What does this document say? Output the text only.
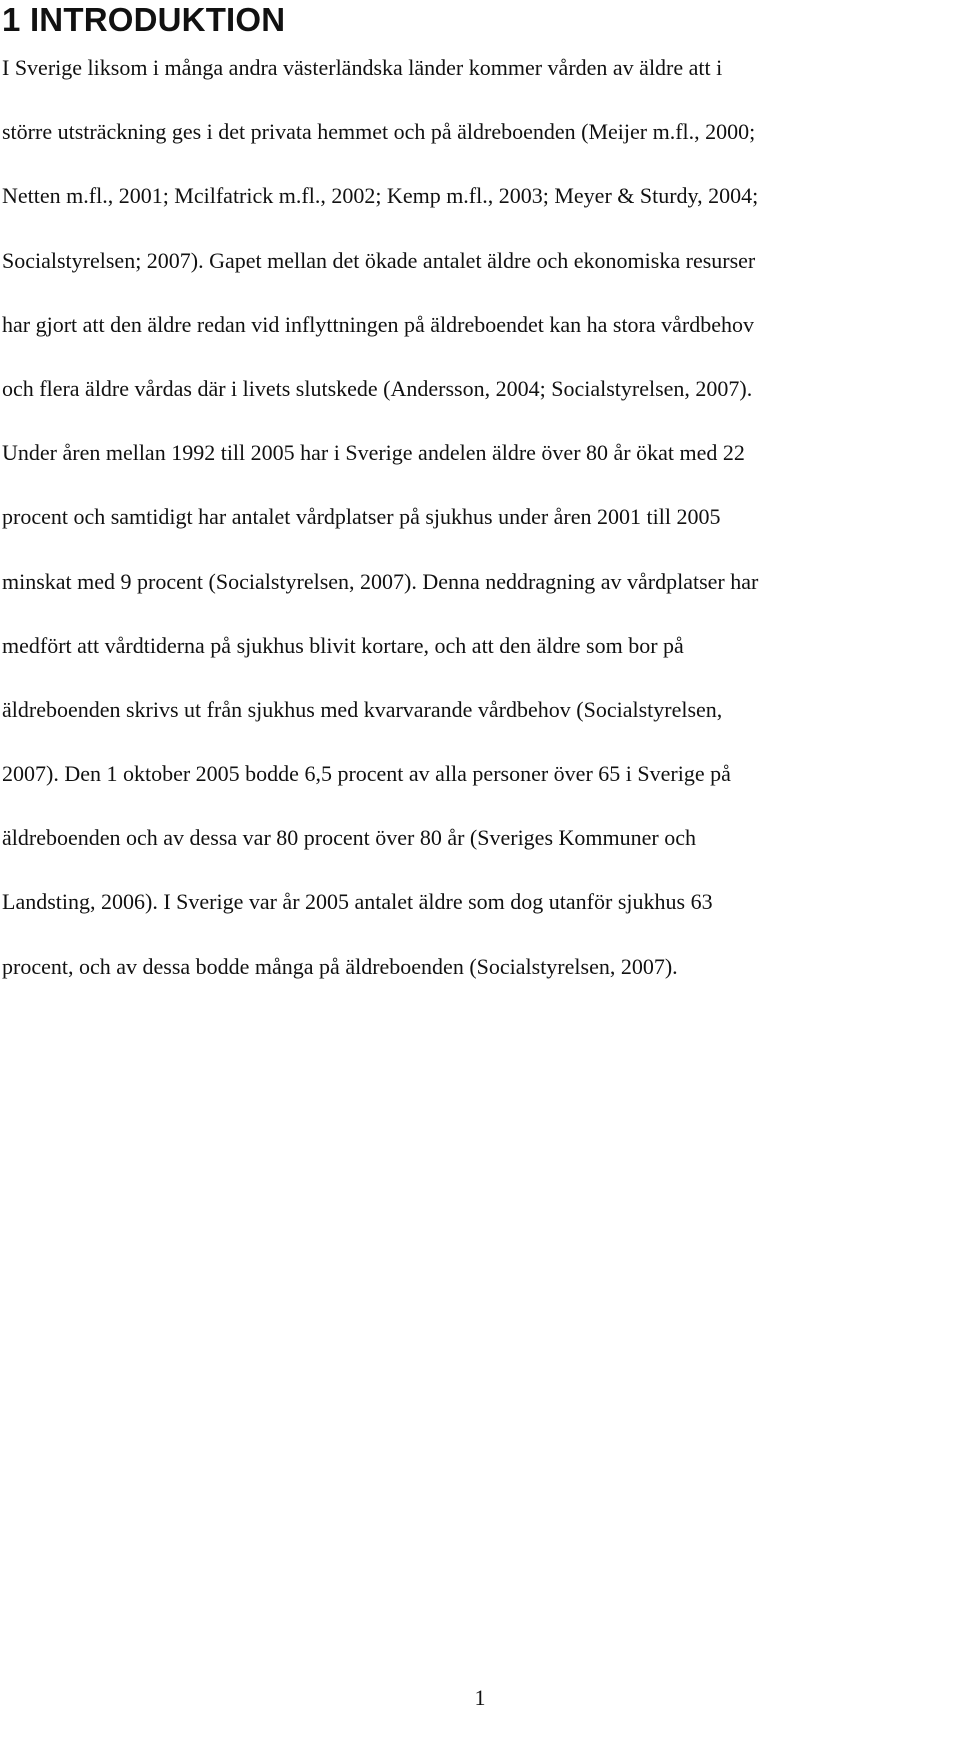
1 INTRODUKTION
I Sverige liksom i många andra västerländska länder kommer vården av äldre att i
större utsträckning ges i det privata hemmet och på äldreboenden (Meijer m.fl., 2000;
Netten m.fl., 2001; Mcilfatrick m.fl., 2002; Kemp m.fl., 2003; Meyer & Sturdy, 2004;
Socialstyrelsen; 2007). Gapet mellan det ökade antalet äldre och ekonomiska resurser
har gjort att den äldre redan vid inflyttningen på äldreboendet kan ha stora vårdbehov
och flera äldre vårdas där i livets slutskede (Andersson, 2004; Socialstyrelsen, 2007).
Under åren mellan 1992 till 2005 har i Sverige andelen äldre över 80 år ökat med 22
procent och samtidigt har antalet vårdplatser på sjukhus under åren 2001 till 2005
minskat med 9 procent (Socialstyrelsen, 2007). Denna neddragning av vårdplatser har
medfört att vårdtiderna på sjukhus blivit kortare, och att den äldre som bor på
äldreboenden skrivs ut från sjukhus med kvarvarande vårdbehov (Socialstyrelsen,
2007). Den 1 oktober 2005 bodde 6,5 procent av alla personer över 65 i Sverige på
äldreboenden och av dessa var 80 procent över 80 år (Sveriges Kommuner och
Landsting, 2006). I Sverige var år 2005 antalet äldre som dog utanför sjukhus 63
procent, och av dessa bodde många på äldreboenden (Socialstyrelsen, 2007).
1
